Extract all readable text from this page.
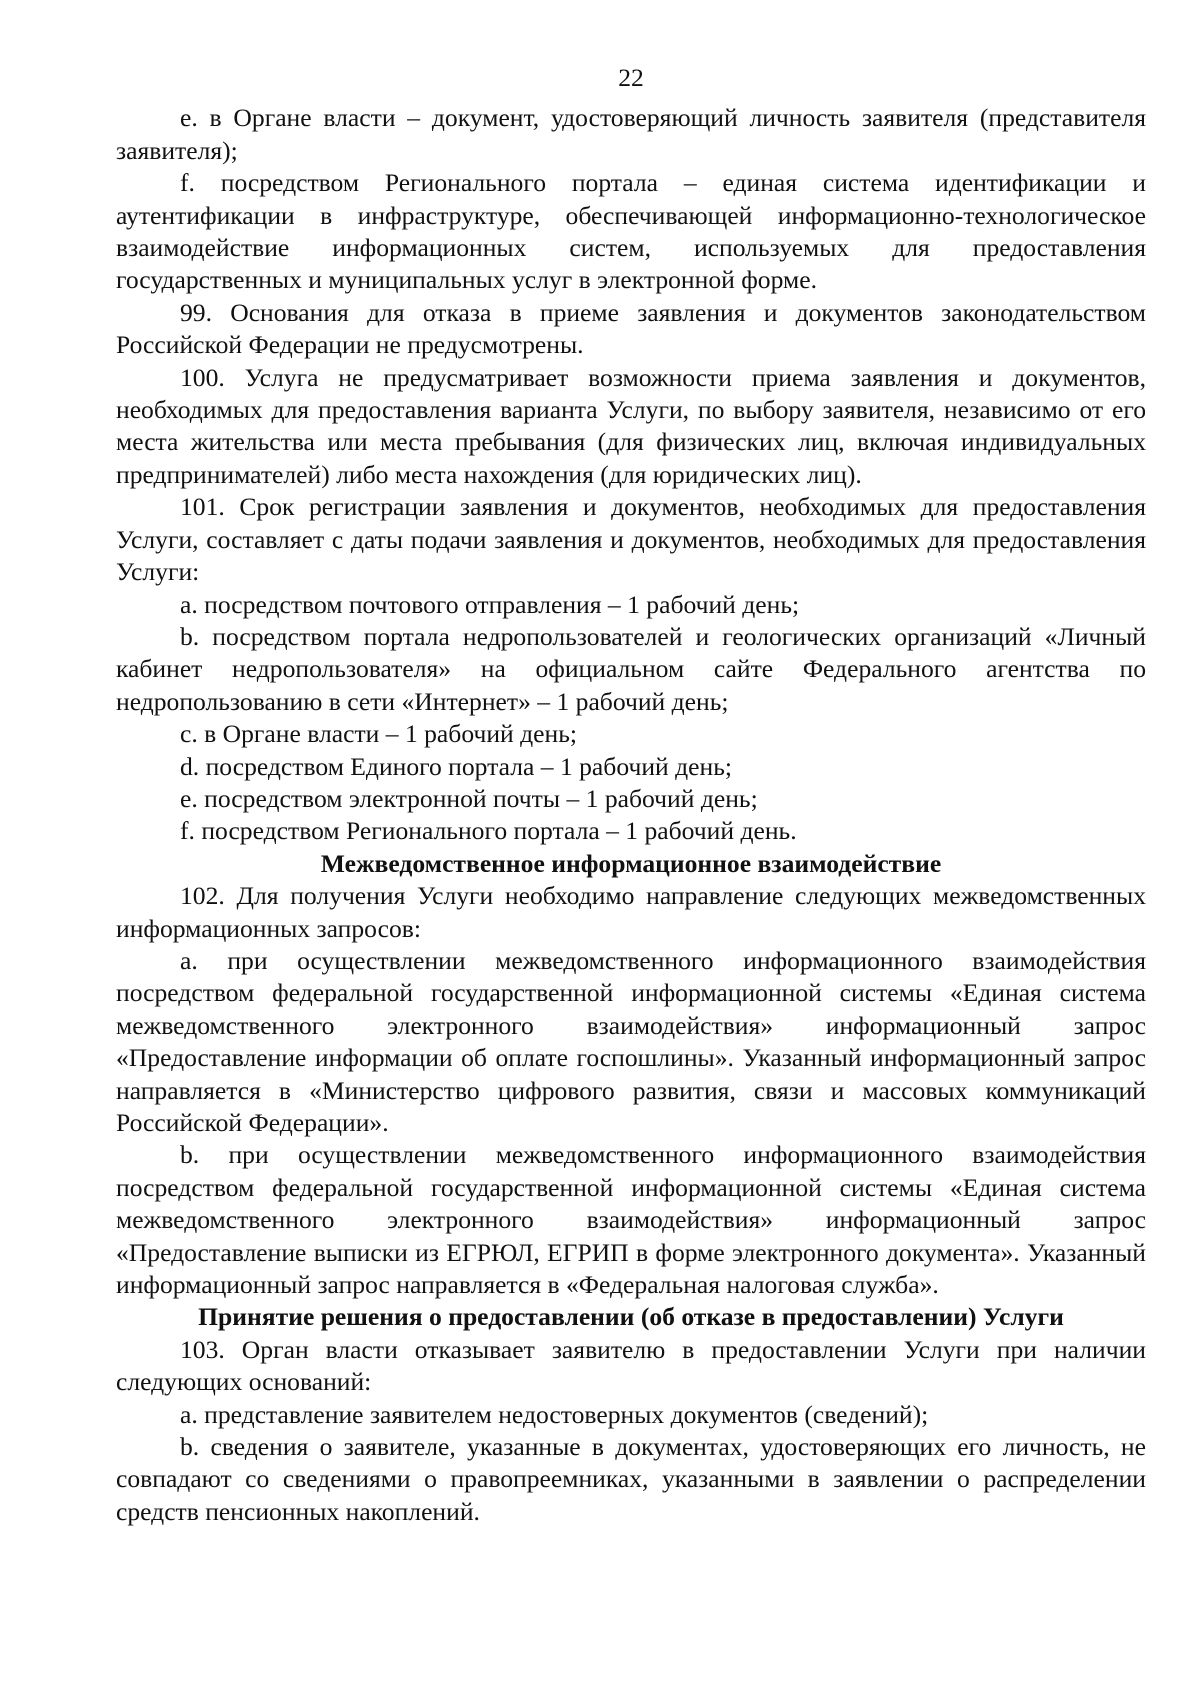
22

e. в Органе власти – документ, удостоверяющий личность заявителя (представителя заявителя);

f. посредством Регионального портала – единая система идентификации и аутентификации в инфраструктуре, обеспечивающей информационно-технологическое взаимодействие информационных систем, используемых для предоставления государственных и муниципальных услуг в электронной форме.

99. Основания для отказа в приеме заявления и документов законодательством Российской Федерации не предусмотрены.

100. Услуга не предусматривает возможности приема заявления и документов, необходимых для предоставления варианта Услуги, по выбору заявителя, независимо от его места жительства или места пребывания (для физических лиц, включая индивидуальных предпринимателей) либо места нахождения (для юридических лиц).

101. Срок регистрации заявления и документов, необходимых для предоставления Услуги, составляет с даты подачи заявления и документов, необходимых для предоставления Услуги:

a. посредством почтового отправления – 1 рабочий день;

b. посредством портала недропользователей и геологических организаций «Личный кабинет недропользователя» на официальном сайте Федерального агентства по недропользованию в сети «Интернет» – 1 рабочий день;

c. в Органе власти – 1 рабочий день;

d. посредством Единого портала – 1 рабочий день;

e. посредством электронной почты – 1 рабочий день;

f. посредством Регионального портала – 1 рабочий день.

Межведомственное информационное взаимодействие

102. Для получения Услуги необходимо направление следующих межведомственных информационных запросов:

a. при осуществлении межведомственного информационного взаимодействия посредством федеральной государственной информационной системы «Единая система межведомственного электронного взаимодействия» информационный запрос «Предоставление информации об оплате госпошлины». Указанный информационный запрос направляется в «Министерство цифрового развития, связи и массовых коммуникаций Российской Федерации».

b. при осуществлении межведомственного информационного взаимодействия посредством федеральной государственной информационной системы «Единая система межведомственного электронного взаимодействия» информационный запрос «Предоставление выписки из ЕГРЮЛ, ЕГРИП в форме электронного документа». Указанный информационный запрос направляется в «Федеральная налоговая служба».

Принятие решения о предоставлении (об отказе в предоставлении) Услуги

103. Орган власти отказывает заявителю в предоставлении Услуги при наличии следующих оснований:

a. представление заявителем недостоверных документов (сведений);

b. сведения о заявителе, указанные в документах, удостоверяющих его личность, не совпадают со сведениями о правопреемниках, указанными в заявлении о распределении средств пенсионных накоплений.
